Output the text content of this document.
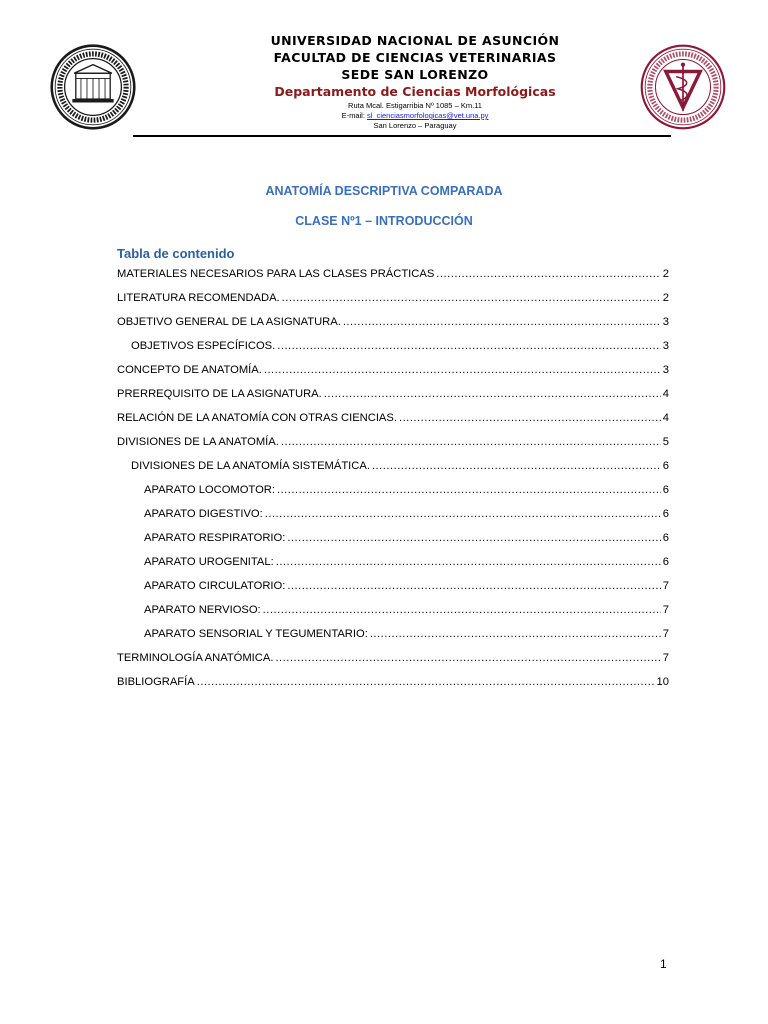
UNIVERSIDAD NACIONAL DE ASUNCIÓN
FACULTAD DE CIENCIAS VETERINARIAS
SEDE SAN LORENZO
Departamento de Ciencias Morfológicas
Ruta Mcal. Estigarribia Nº 1085 – Km.11
E-mail: sl_cienciasmorfologicas@vet.una.py
San Lorenzo – Paraguay
ANATOMÍA DESCRIPTIVA COMPARADA
CLASE Nº1 – INTRODUCCIÓN
Tabla de contenido
MATERIALES NECESARIOS PARA LAS CLASES PRÁCTICAS .....	2
LITERATURA RECOMENDADA. .....	2
OBJETIVO GENERAL DE LA ASIGNATURA. .....	3
OBJETIVOS ESPECÍFICOS. .....	3
CONCEPTO DE ANATOMÍA. .....	3
PRERREQUISITO DE LA ASIGNATURA. .....	4
RELACIÓN DE LA ANATOMÍA CON OTRAS CIENCIAS. .....	4
DIVISIONES DE LA ANATOMÍA. .....	5
DIVISIONES DE LA ANATOMÍA SISTEMÁTICA. .....	6
APARATO LOCOMOTOR: .....	6
APARATO DIGESTIVO: .....	6
APARATO RESPIRATORIO: .....	6
APARATO UROGENITAL: .....	6
APARATO CIRCULATORIO: .....	7
APARATO NERVIOSO: .....	7
APARATO SENSORIAL Y TEGUMENTARIO: .....	7
TERMINOLOGÍA ANATÓMICA. .....	7
BIBLIOGRAFÍA .....	10
1
